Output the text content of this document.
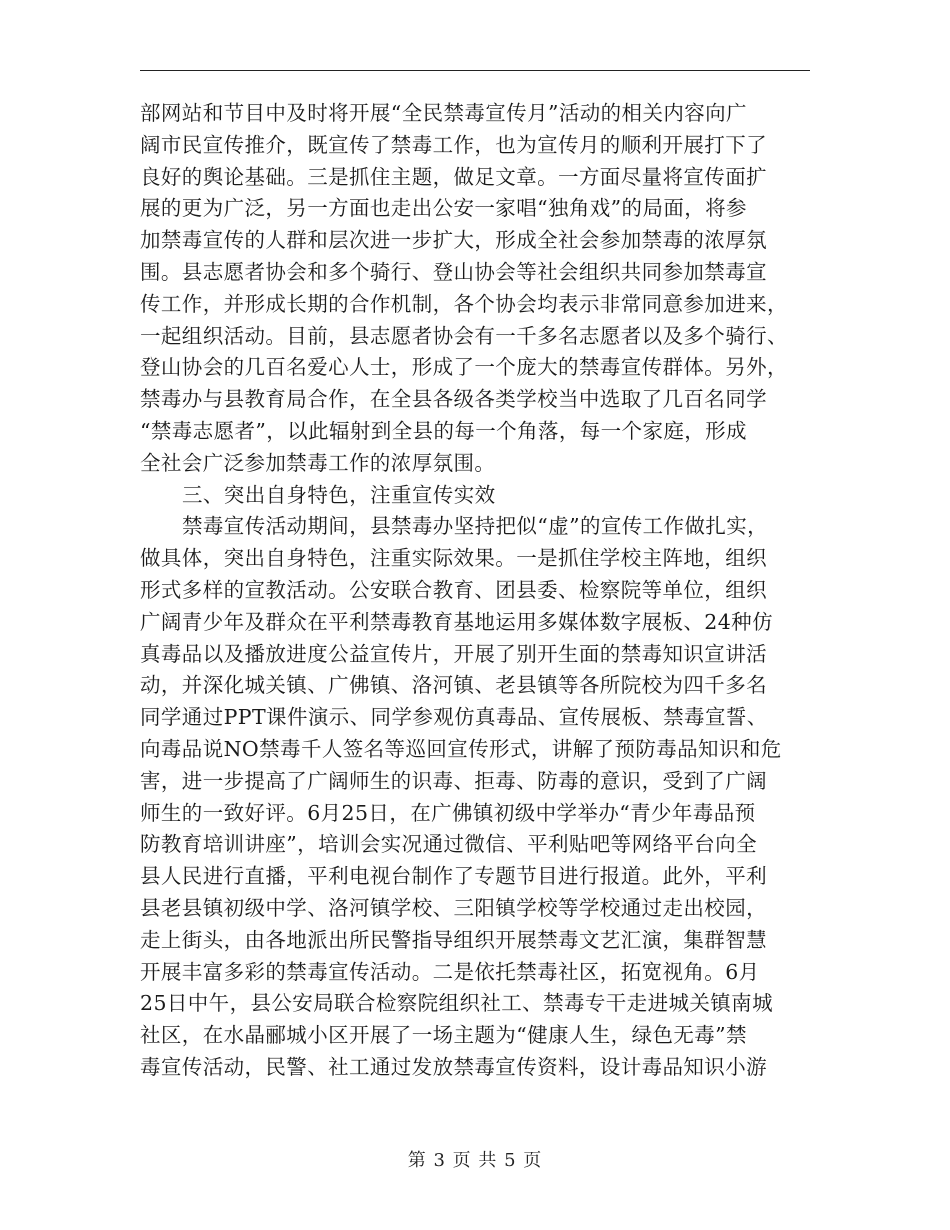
部网站和节目中及时将开展“全民禁毒宣传月”活动的相关内容向广
阔市民宣传推介，既宣传了禁毒工作，也为宣传月的顺利开展打下了
良好的舆论基础。三是抓住主题，做足文章。一方面尽量将宣传面扩
展的更为广泛，另一方面也走出公安一家唱“独角戏”的局面，将参
加禁毒宣传的人群和层次进一步扩大，形成全社会参加禁毒的浓厚氛
围。县志愿者协会和多个骑行、登山协会等社会组织共同参加禁毒宣
传工作，并形成长期的合作机制，各个协会均表示非常同意参加进来，
一起组织活动。目前，县志愿者协会有一千多名志愿者以及多个骑行、
登山协会的几百名爱心人士，形成了一个庞大的禁毒宣传群体。另外，
禁毒办与县教育局合作，在全县各级各类学校当中选取了几百名同学
“禁毒志愿者”，以此辐射到全县的每一个角落，每一个家庭，形成
全社会广泛参加禁毒工作的浓厚氛围。
三、突出自身特色，注重宣传实效
禁毒宣传活动期间，县禁毒办坚持把似“虚”的宣传工作做扎实，
做具体，突出自身特色，注重实际效果。一是抓住学校主阵地，组织
形式多样的宣教活动。公安联合教育、团县委、检察院等单位，组织
广阔青少年及群众在平利禁毒教育基地运用多媒体数字展板、24种仿
真毒品以及播放进度公益宣传片，开展了别开生面的禁毒知识宣讲活
动，并深化城关镇、广佛镇、洛河镇、老县镇等各所院校为四千多名
同学通过PPT课件演示、同学参观仿真毒品、宣传展板、禁毒宣誓、
向毒品说NO禁毒千人签名等巡回宣传形式，讲解了预防毒品知识和危
害，进一步提高了广阔师生的识毒、拒毒、防毒的意识，受到了广阔
师生的一致好评。6月25日，在广佛镇初级中学举办“青少年毒品预
防教育培训讲座”，培训会实况通过微信、平利贴吧等网络平台向全
县人民进行直播，平利电视台制作了专题节目进行报道。此外，平利
县老县镇初级中学、洛河镇学校、三阳镇学校等学校通过走出校园，
走上街头，由各地派出所民警指导组织开展禁毒文艺汇演，集群智慧
开展丰富多彩的禁毒宣传活动。二是依托禁毒社区，拓宽视角。6月
25日中午，县公安局联合检察院组织社工、禁毒专干走进城关镇南城
社区，在水晶郦城小区开展了一场主题为“健康人生，绿色无毒”禁
毒宣传活动，民警、社工通过发放禁毒宣传资料，设计毒品知识小游
第 3 页 共 5 页
